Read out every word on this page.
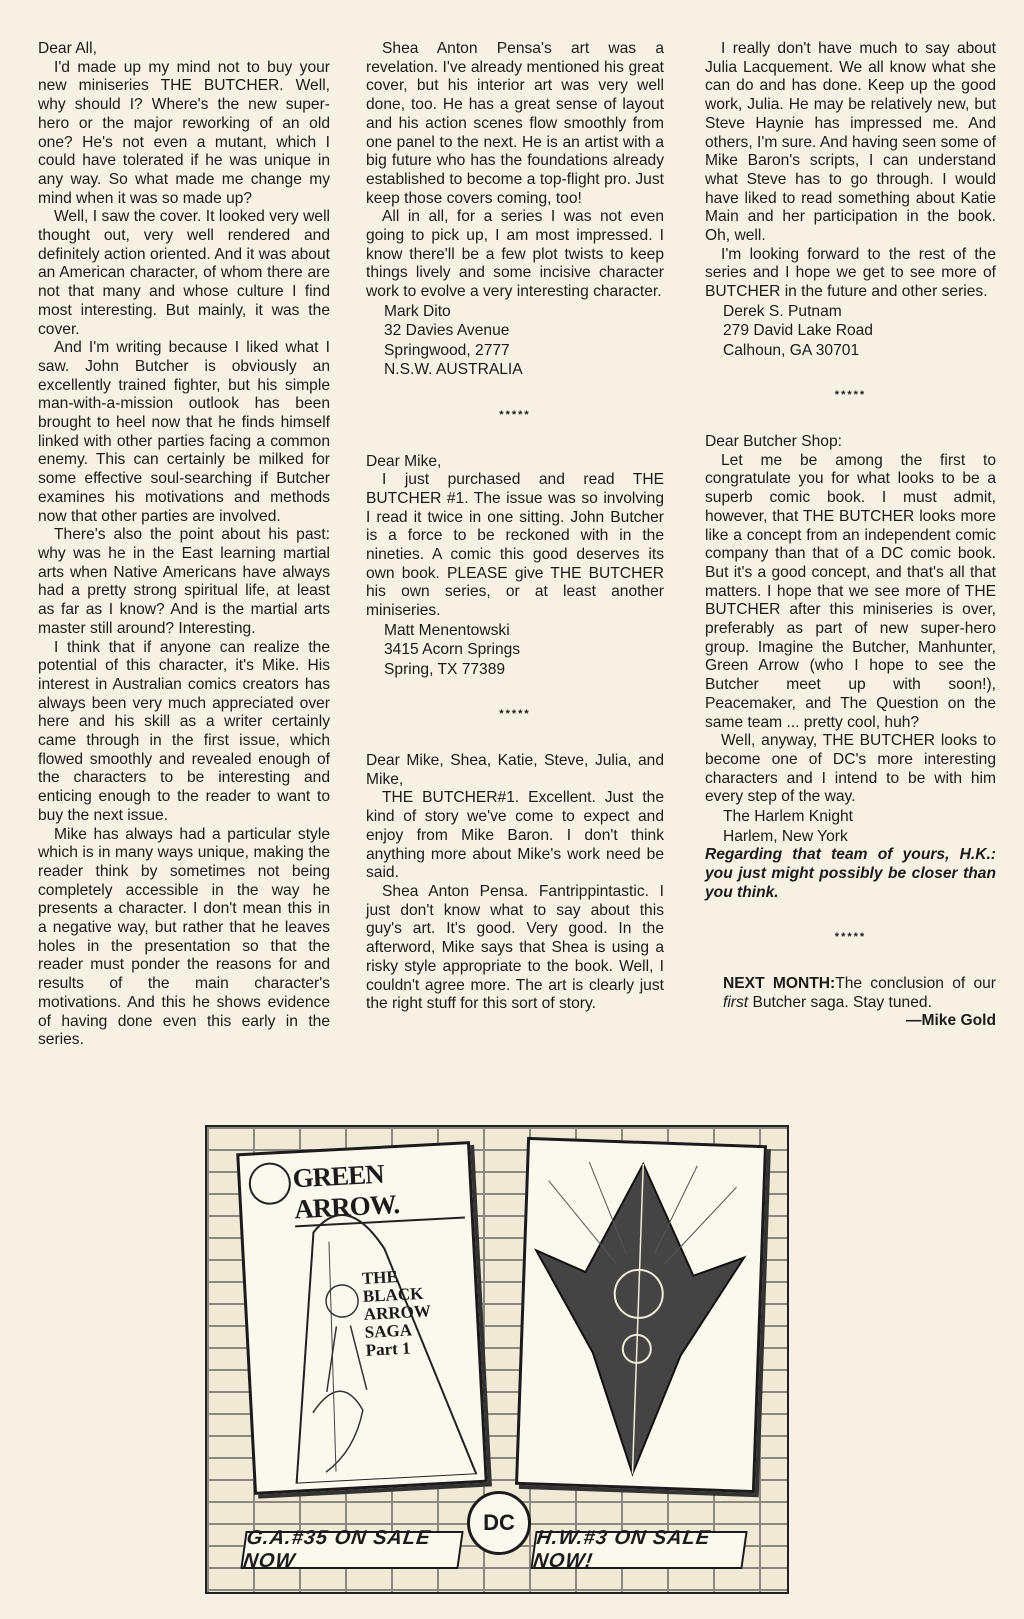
Dear All,

I'd made up my mind not to buy your new miniseries THE BUTCHER. Well, why should I? Where's the new super-hero or the major reworking of an old one? He's not even a mutant, which I could have tolerated if he was unique in any way. So what made me change my mind when it was so made up?

Well, I saw the cover. It looked very well thought out, very well rendered and definitely action oriented. And it was about an American character, of whom there are not that many and whose culture I find most interesting. But mainly, it was the cover.

And I'm writing because I liked what I saw. John Butcher is obviously an excellently trained fighter, but his simple man-with-a-mission outlook has been brought to heel now that he finds himself linked with other parties facing a common enemy. This can certainly be milked for some effective soul-searching if Butcher examines his motivations and methods now that other parties are involved.

There's also the point about his past: why was he in the East learning martial arts when Native Americans have always had a pretty strong spiritual life, at least as far as I know? And is the martial arts master still around? Interesting.

I think that if anyone can realize the potential of this character, it's Mike. His interest in Australian comics creators has always been very much appreciated over here and his skill as a writer certainly came through in the first issue, which flowed smoothly and revealed enough of the characters to be interesting and enticing enough to the reader to want to buy the next issue.

Mike has always had a particular style which is in many ways unique, making the reader think by sometimes not being completely accessible in the way he presents a character. I don't mean this in a negative way, but rather that he leaves holes in the presentation so that the reader must ponder the reasons for and results of the main character's motivations. And this he shows evidence of having done even this early in the series.

Shea Anton Pensa's art was a revelation. I've already mentioned his great cover, but his interior art was very well done, too. He has a great sense of layout and his action scenes flow smoothly from one panel to the next. He is an artist with a big future who has the foundations already established to become a top-flight pro. Just keep those covers coming, too!

All in all, for a series I was not even going to pick up, I am most impressed. I know there'll be a few plot twists to keep things lively and some incisive character work to evolve a very interesting character.

Mark Dito
32 Davies Avenue
Springwood, 2777
N.S.W. AUSTRALIA
*****

Dear Mike,

I just purchased and read THE BUTCHER #1. The issue was so involving I read it twice in one sitting. John Butcher is a force to be reckoned with in the nineties. A comic this good deserves its own book. PLEASE give THE BUTCHER his own series, or at least another miniseries.

Matt Menentowski
3415 Acorn Springs
Spring, TX 77389
*****

Dear Mike, Shea, Katie, Steve, Julia, and Mike,

THE BUTCHER#1. Excellent. Just the kind of story we've come to expect and enjoy from Mike Baron. I don't think anything more about Mike's work need be said.

Shea Anton Pensa. Fantrippintastic. I just don't know what to say about this guy's art. It's good. Very good. In the afterword, Mike says that Shea is using a risky style appropriate to the book. Well, I couldn't agree more. The art is clearly just the right stuff for this sort of story.

I really don't have much to say about Julia Lacquement. We all know what she can do and has done. Keep up the good work, Julia. He may be relatively new, but Steve Haynie has impressed me. And others, I'm sure. And having seen some of Mike Baron's scripts, I can understand what Steve has to go through. I would have liked to read something about Katie Main and her participation in the book. Oh, well.

I'm looking forward to the rest of the series and I hope we get to see more of BUTCHER in the future and other series.

Derek S. Putnam
279 David Lake Road
Calhoun, GA 30701
*****

Dear Butcher Shop:

Let me be among the first to congratulate you for what looks to be a superb comic book. I must admit, however, that THE BUTCHER looks more like a concept from an independent comic company than that of a DC comic book. But it's a good concept, and that's all that matters. I hope that we see more of THE BUTCHER after this miniseries is over, preferably as part of new super-hero group. Imagine the Butcher, Manhunter, Green Arrow (who I hope to see the Butcher meet up with soon!), Peacemaker, and The Question on the same team ... pretty cool, huh?

Well, anyway, THE BUTCHER looks to become one of DC's more interesting characters and I intend to be with him every step of the way.

The Harlem Knight
Harlem, New York

Regarding that team of yours, H.K.: you just might possibly be closer than you think.

*****

NEXT MONTH:The conclusion of our first Butcher saga. Stay tuned.

—Mike Gold
GREEN ARROW.
THE
BLACK
ARROW
SAGA
Part 1
DC
G.A.#35 ON SALE NOW
H.W.#3 ON SALE NOW!
